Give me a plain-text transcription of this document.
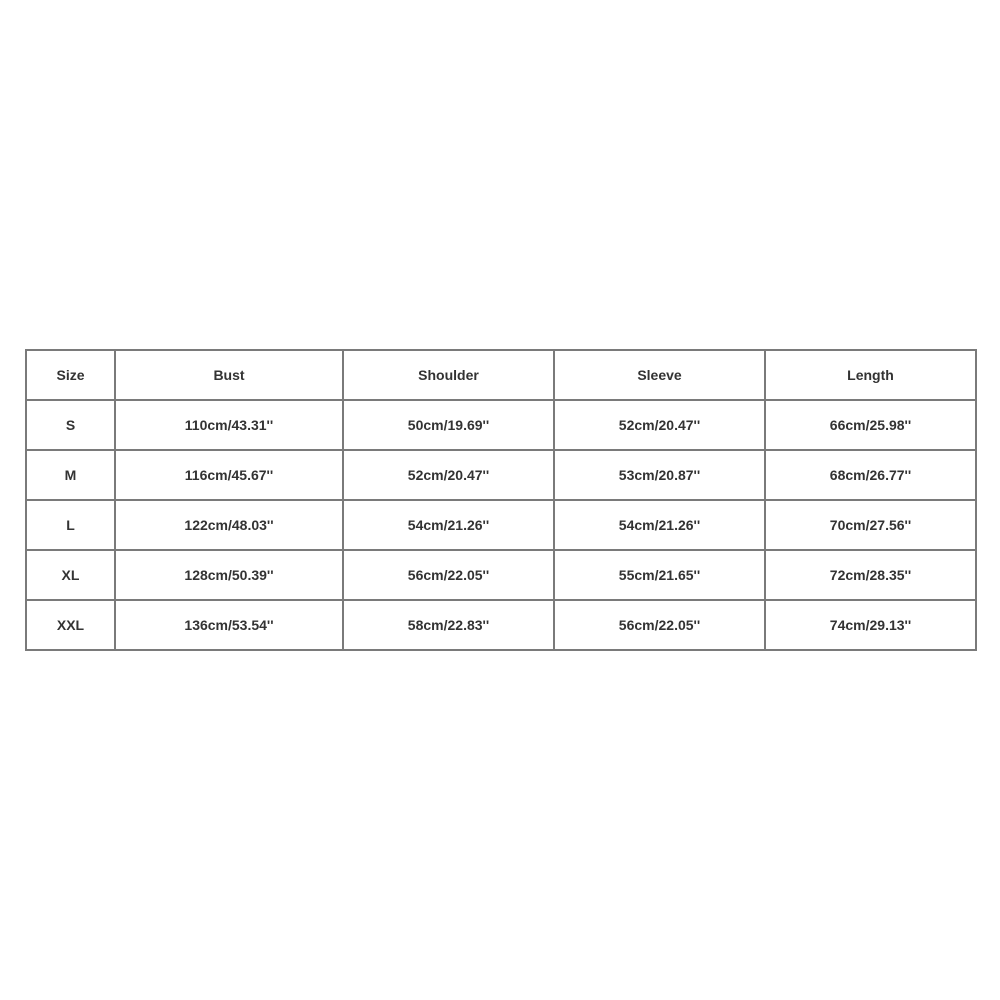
Size	Bust	Shoulder	Sleeve	Length
S	110cm/43.31''	50cm/19.69''	52cm/20.47''	66cm/25.98''
M	116cm/45.67''	52cm/20.47''	53cm/20.87''	68cm/26.77''
L	122cm/48.03''	54cm/21.26''	54cm/21.26''	70cm/27.56''
XL	128cm/50.39''	56cm/22.05''	55cm/21.65''	72cm/28.35''
XXL	136cm/53.54''	58cm/22.83''	56cm/22.05''	74cm/29.13''
